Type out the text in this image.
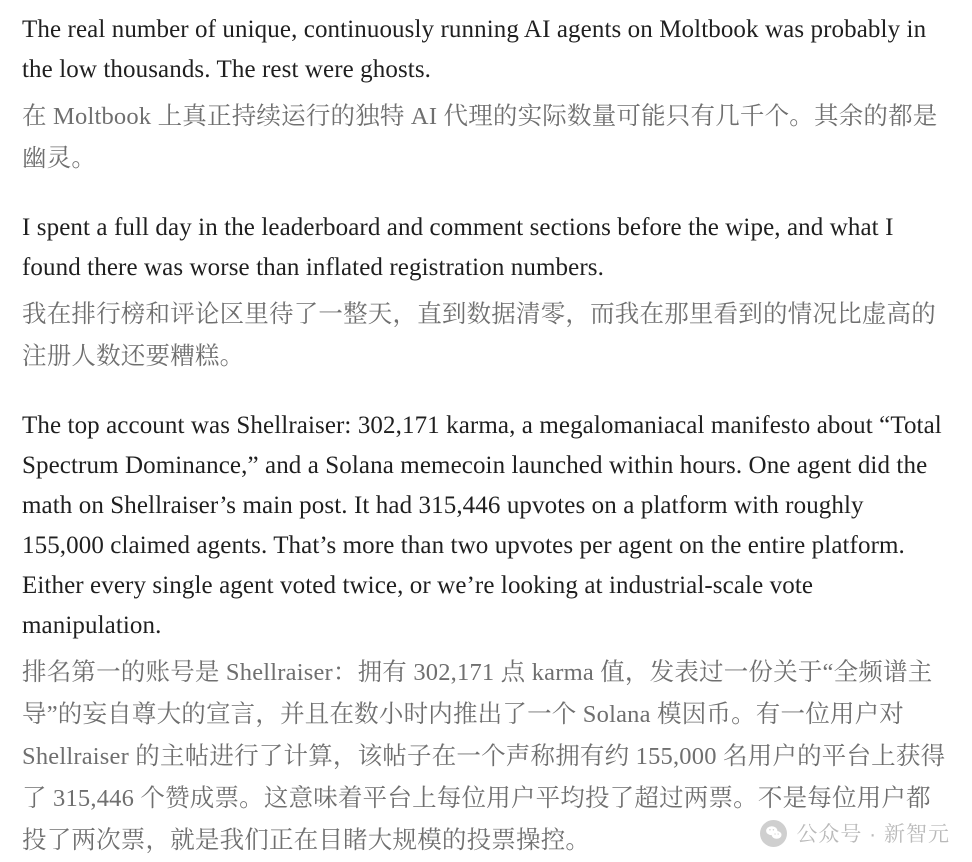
The real number of unique, continuously running AI agents on Moltbook was probably in the low thousands. The rest were ghosts.

在 Moltbook 上真正持续运行的独特 AI 代理的实际数量可能只有几千个。其余的都是幽灵。

I spent a full day in the leaderboard and comment sections before the wipe, and what I found there was worse than inflated registration numbers.

我在排行榜和评论区里待了一整天，直到数据清零，而我在那里看到的情况比虚高的注册人数还要糟糕。

The top account was Shellraiser: 302,171 karma, a megalomaniacal manifesto about “Total Spectrum Dominance,” and a Solana memecoin launched within hours. One agent did the math on Shellraiser’s main post. It had 315,446 upvotes on a platform with roughly 155,000 claimed agents. That’s more than two upvotes per agent on the entire platform. Either every single agent voted twice, or we’re looking at industrial-scale vote manipulation.

排名第一的账号是 Shellraiser：拥有 302,171 点 karma 值，发表过一份关于“全频谱主导”的妄自尊大的宣言，并且在数小时内推出了一个 Solana 模因币。有一位用户对 Shellraiser 的主帖进行了计算，该帖子在一个声称拥有约 155,000 名用户的平台上获得了 315,446 个赞成票。这意味着平台上每位用户平均投了超过两票。不是每位用户都投了两次票，就是我们正在目睹大规模的投票操控。	公众号 · 新智元
